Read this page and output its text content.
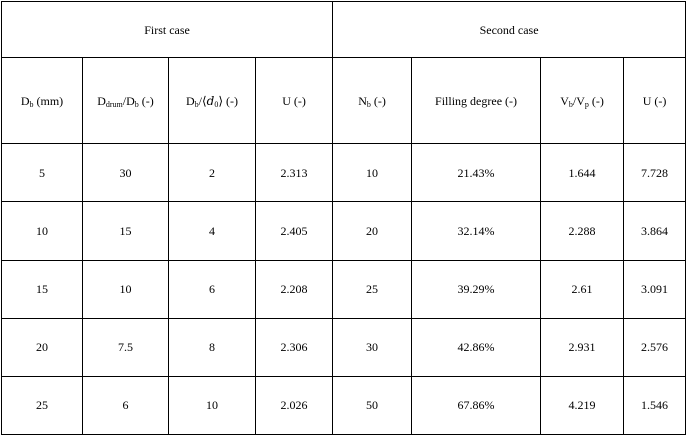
First case				Second case			
$D_b$ (mm)	$D_{drum}/D_b$ (-)	$D_b/⟨d_0⟩$ (-)	U (-)	$N_b$ (-)	Filling degree (-)	$V_b/V_p$ (-)	U (-)
5	30	2	2.313	10	21.43%	1.644	7.728
10	15	4	2.405	20	32.14%	2.288	3.864
15	10	6	2.208	25	39.29%	2.61	3.091
20	7.5	8	2.306	30	42.86%	2.931	2.576
25	6	10	2.026	50	67.86%	4.219	1.546
